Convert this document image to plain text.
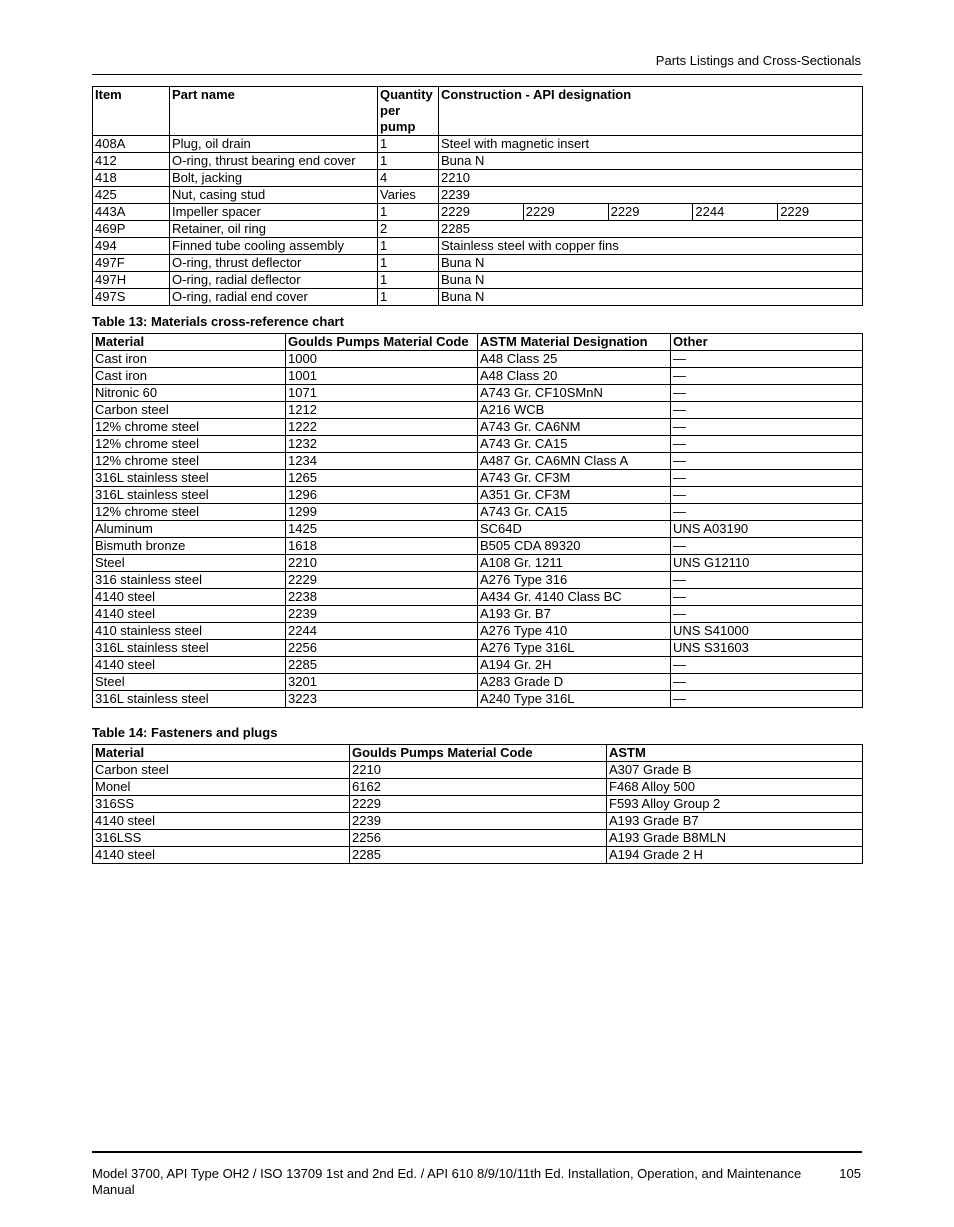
Parts Listings and Cross-Sectionals
Item	Part name	Quantity per pump	Construction - API designation
408A	Plug, oil drain	1	Steel with magnetic insert
412	O-ring, thrust bearing end cover	1	Buna N
418	Bolt, jacking	4	2210
425	Nut, casing stud	Varies	2239
443A	Impeller spacer	1	2229 2229 2229 2244 2229

469P	Retainer, oil ring	2	2285
494	Finned tube cooling assembly	1	Stainless steel with copper fins
497F	O-ring, thrust deflector	1	Buna N
497H	O-ring, radial deflector	1	Buna N
497S	O-ring, radial end cover	1	Buna N
Table 13: Materials cross-reference chart
Material	Goulds Pumps Material Code	ASTM Material Designation	Other
Cast iron	1000	A48 Class 25	—
Cast iron	1001	A48 Class 20	—
Nitronic 60	1071	A743 Gr. CF10SMnN	—
Carbon steel	1212	A216 WCB	—
12% chrome steel	1222	A743 Gr. CA6NM	—
12% chrome steel	1232	A743 Gr. CA15	—
12% chrome steel	1234	A487 Gr. CA6MN Class A	—
316L stainless steel	1265	A743 Gr. CF3M	—
316L stainless steel	1296	A351 Gr. CF3M	—
12% chrome steel	1299	A743 Gr. CA15	—
Aluminum	1425	SC64D	UNS A03190
Bismuth bronze	1618	B505 CDA 89320	—
Steel	2210	A108 Gr. 1211	UNS G12110
316 stainless steel	2229	A276 Type 316	—
4140 steel	2238	A434 Gr. 4140 Class BC	—
4140 steel	2239	A193 Gr. B7	—
410 stainless steel	2244	A276 Type 410	UNS S41000
316L stainless steel	2256	A276 Type 316L	UNS S31603
4140 steel	2285	A194 Gr. 2H	—
Steel	3201	A283 Grade D	—
316L stainless steel	3223	A240 Type 316L	—
Table 14: Fasteners and plugs
Material	Goulds Pumps Material Code	ASTM
Carbon steel	2210	A307 Grade B
Monel	6162	F468 Alloy 500
316SS	2229	F593 Alloy Group 2
4140 steel	2239	A193 Grade B7
316LSS	2256	A193 Grade B8MLN
4140 steel	2285	A194 Grade 2 H
Model 3700, API Type OH2 / ISO 13709 1st and 2nd Ed. / API 610 8/9/10/11th Ed. Installation, Operation, and Maintenance Manual
105
